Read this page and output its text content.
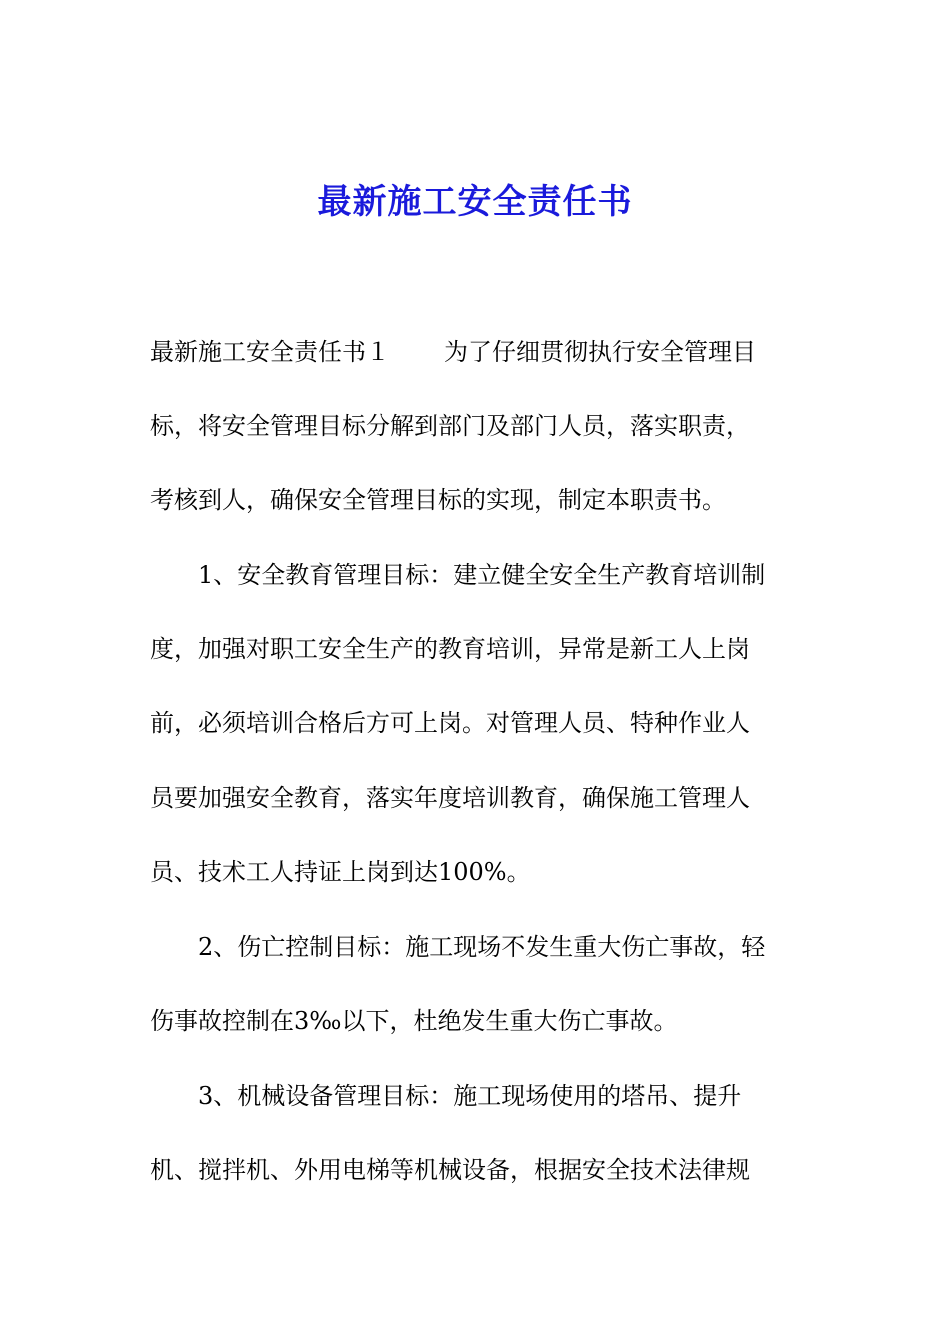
最新施工安全责任书
最新施工安全责任书１ 为了仔细贯彻执行安全管理目
标，将安全管理目标分解到部门及部门人员，落实职责，
考核到人，确保安全管理目标的实现，制定本职责书。
1、安全教育管理目标：建立健全安全生产教育培训制
度，加强对职工安全生产的教育培训，异常是新工人上岗
前，必须培训合格后方可上岗。对管理人员、特种作业人
员要加强安全教育，落实年度培训教育，确保施工管理人
员、技术工人持证上岗到达100%。
2、伤亡控制目标：施工现场不发生重大伤亡事故，轻
伤事故控制在3‰以下，杜绝发生重大伤亡事故。
3、机械设备管理目标：施工现场使用的塔吊、提升
机、搅拌机、外用电梯等机械设备，根据安全技术法律规
